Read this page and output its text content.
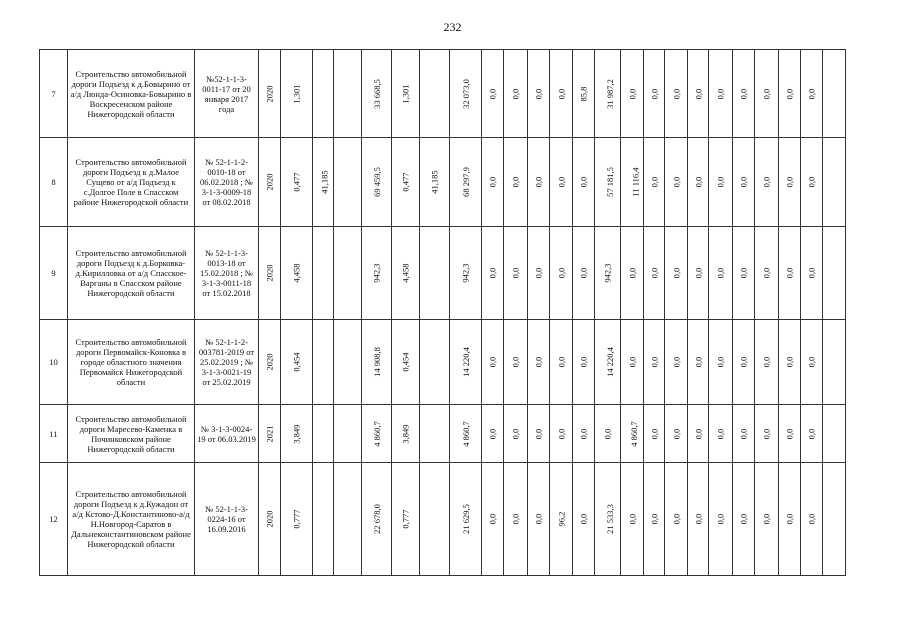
232
7	Строительство автомобильной дороги Подъезд к д.Бовырино от а/д Люнда-Осиновка-Бовырино в Воскресенском районе Нижегородской области	№52-1-1-3-0011-17 от 20 января 2017 года	2020	1,301			33 668,5	1,301		32 073,0	0,0	0,0	0,0	0,0	85,8	31 987,2	0,0	0,0	0,0	0,0	0,0	0,0	0,0	0,0	0,0	
8	Строительство автомобильной дороги Подъезд к д.Малое Сущево от а/д Подъезд к с.Долгое Поле в Спасском районе Нижегородской области	№ 52-1-1-2-0010-18 от 06.02.2018 ; № 3-1-3-0009-18 от 08.02.2018	2020	0,477	41,185		69 459,5	0,477	41,185	68 297,9	0,0	0,0	0,0	0,0	0,0	57 181,5	11 116,4	0,0	0,0	0,0	0,0	0,0	0,0	0,0	0,0	
9	Строительство автомобильной дороги Подъезд к д.Борковка-д.Кирилловка от а/д Спасское-Варганы в Спасском районе Нижегородской области	№ 52-1-1-3-0013-18 от 15.02.2018 ; № 3-1-3-0011-18 от 15.02.2018	2020	4,458			942,3	4,458		942,3	0,0	0,0	0,0	0,0	0,0	942,3	0,0	0,0	0,0	0,0	0,0	0,0	0,0	0,0	0,0	
10	Строительство автомобильной дороги Первомайск-Коновка в городе областного значения Первомайск Нижегородской области	№ 52-1-1-2-003781-2019 от 25.02.2019 ; № 3-1-3-0021-19 от 25.02.2019	2020	0,454			14 908,8	0,454		14 220,4	0,0	0,0	0,0	0,0	0,0	14 220,4	0,0	0,0	0,0	0,0	0,0	0,0	0,0	0,0	0,0	
11	Строительство автомобильной дороги Маресево-Каменка в Починковском районе Нижегородской области	№ 3-1-3-0024-19 от 06.03.2019	2021	3,849			4 860,7	3,849		4 860,7	0,0	0,0	0,0	0,0	0,0	0,0	4 860,7	0,0	0,0	0,0	0,0	0,0	0,0	0,0	0,0	
12	Строительство автомобильной дороги Подъезд к д.Кужадон от а/д Кстово-Д.Константиново-а/д Н.Новгород-Саратов в Дальнеконстантиновском районе Нижегородской области	№ 52-1-1-3-0224-16 от 16.09.2016	2020	0,777			22 678,0	0,777		21 629,5	0,0	0,0	0,0	96,2	0,0	21 533,3	0,0	0,0	0,0	0,0	0,0	0,0	0,0	0,0	0,0	
